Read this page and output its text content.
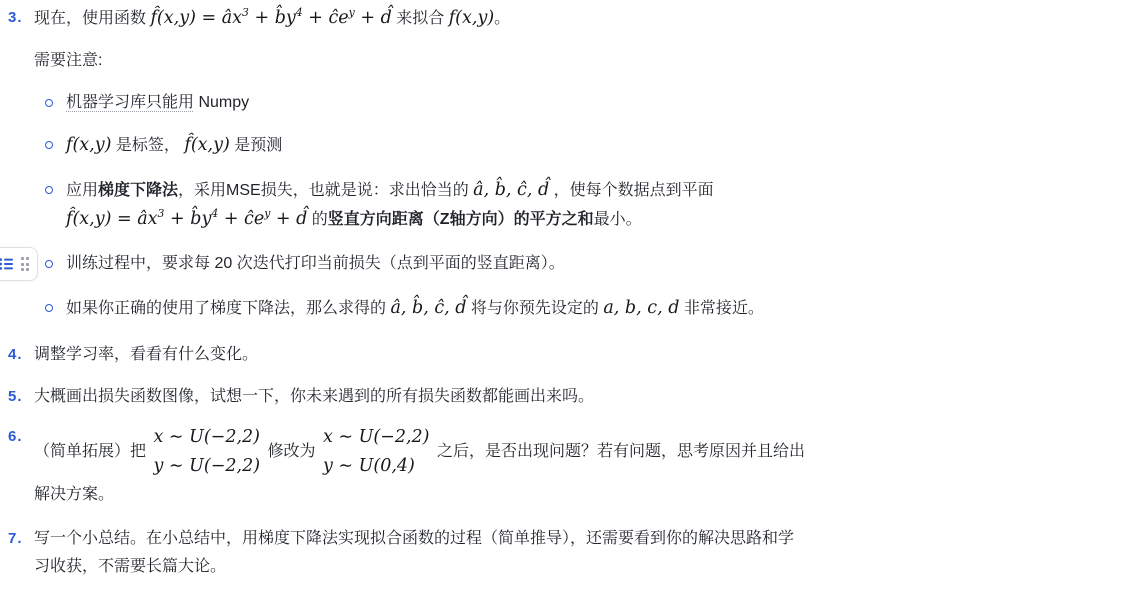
3. 现在，使用函数 f̂(x,y) = $âx^3$ + $b̂y^4$ + $ĉe^y$ + d̂ 来拟合 f(x,y)。
需要注意:
机器学习库只能用 Numpy
f(x,y) 是标签， f̂(x,y) 是预测
应用梯度下降法，采用MSE损失，也就是说：求出恰当的 â, b̂, ĉ, d̂ ，使每个数据点到平面
f̂(x,y) = $âx^3$ + $b̂y^4$ + $ĉe^y$ + d̂ 的竖直方向距离（Z轴方向）的平方之和最小。
训练过程中，要求每 20 次迭代打印当前损失（点到平面的竖直距离）。
如果你正确的使用了梯度下降法，那么求得的 â, b̂, ĉ, d̂ 将与你预先设定的 a, b, c, d 非常接近。
4. 调整学习率，看看有什么变化。
5. 大概画出损失函数图像，试想一下，你未来遇到的所有损失函数都能画出来吗。
6.
（简单拓展）把
x ∼ U(−2,2)
y ∼ U(−2,2)
修改为
x ∼ U(−2,2)
y ∼ U(0,4)
之后，是否出现问题？若有问题，思考原因并且给出
解决方案。
7. 写一个小总结。在小总结中，用梯度下降法实现拟合函数的过程（简单推导），还需要看到你的解决思路和学
习收获，不需要长篇大论。
